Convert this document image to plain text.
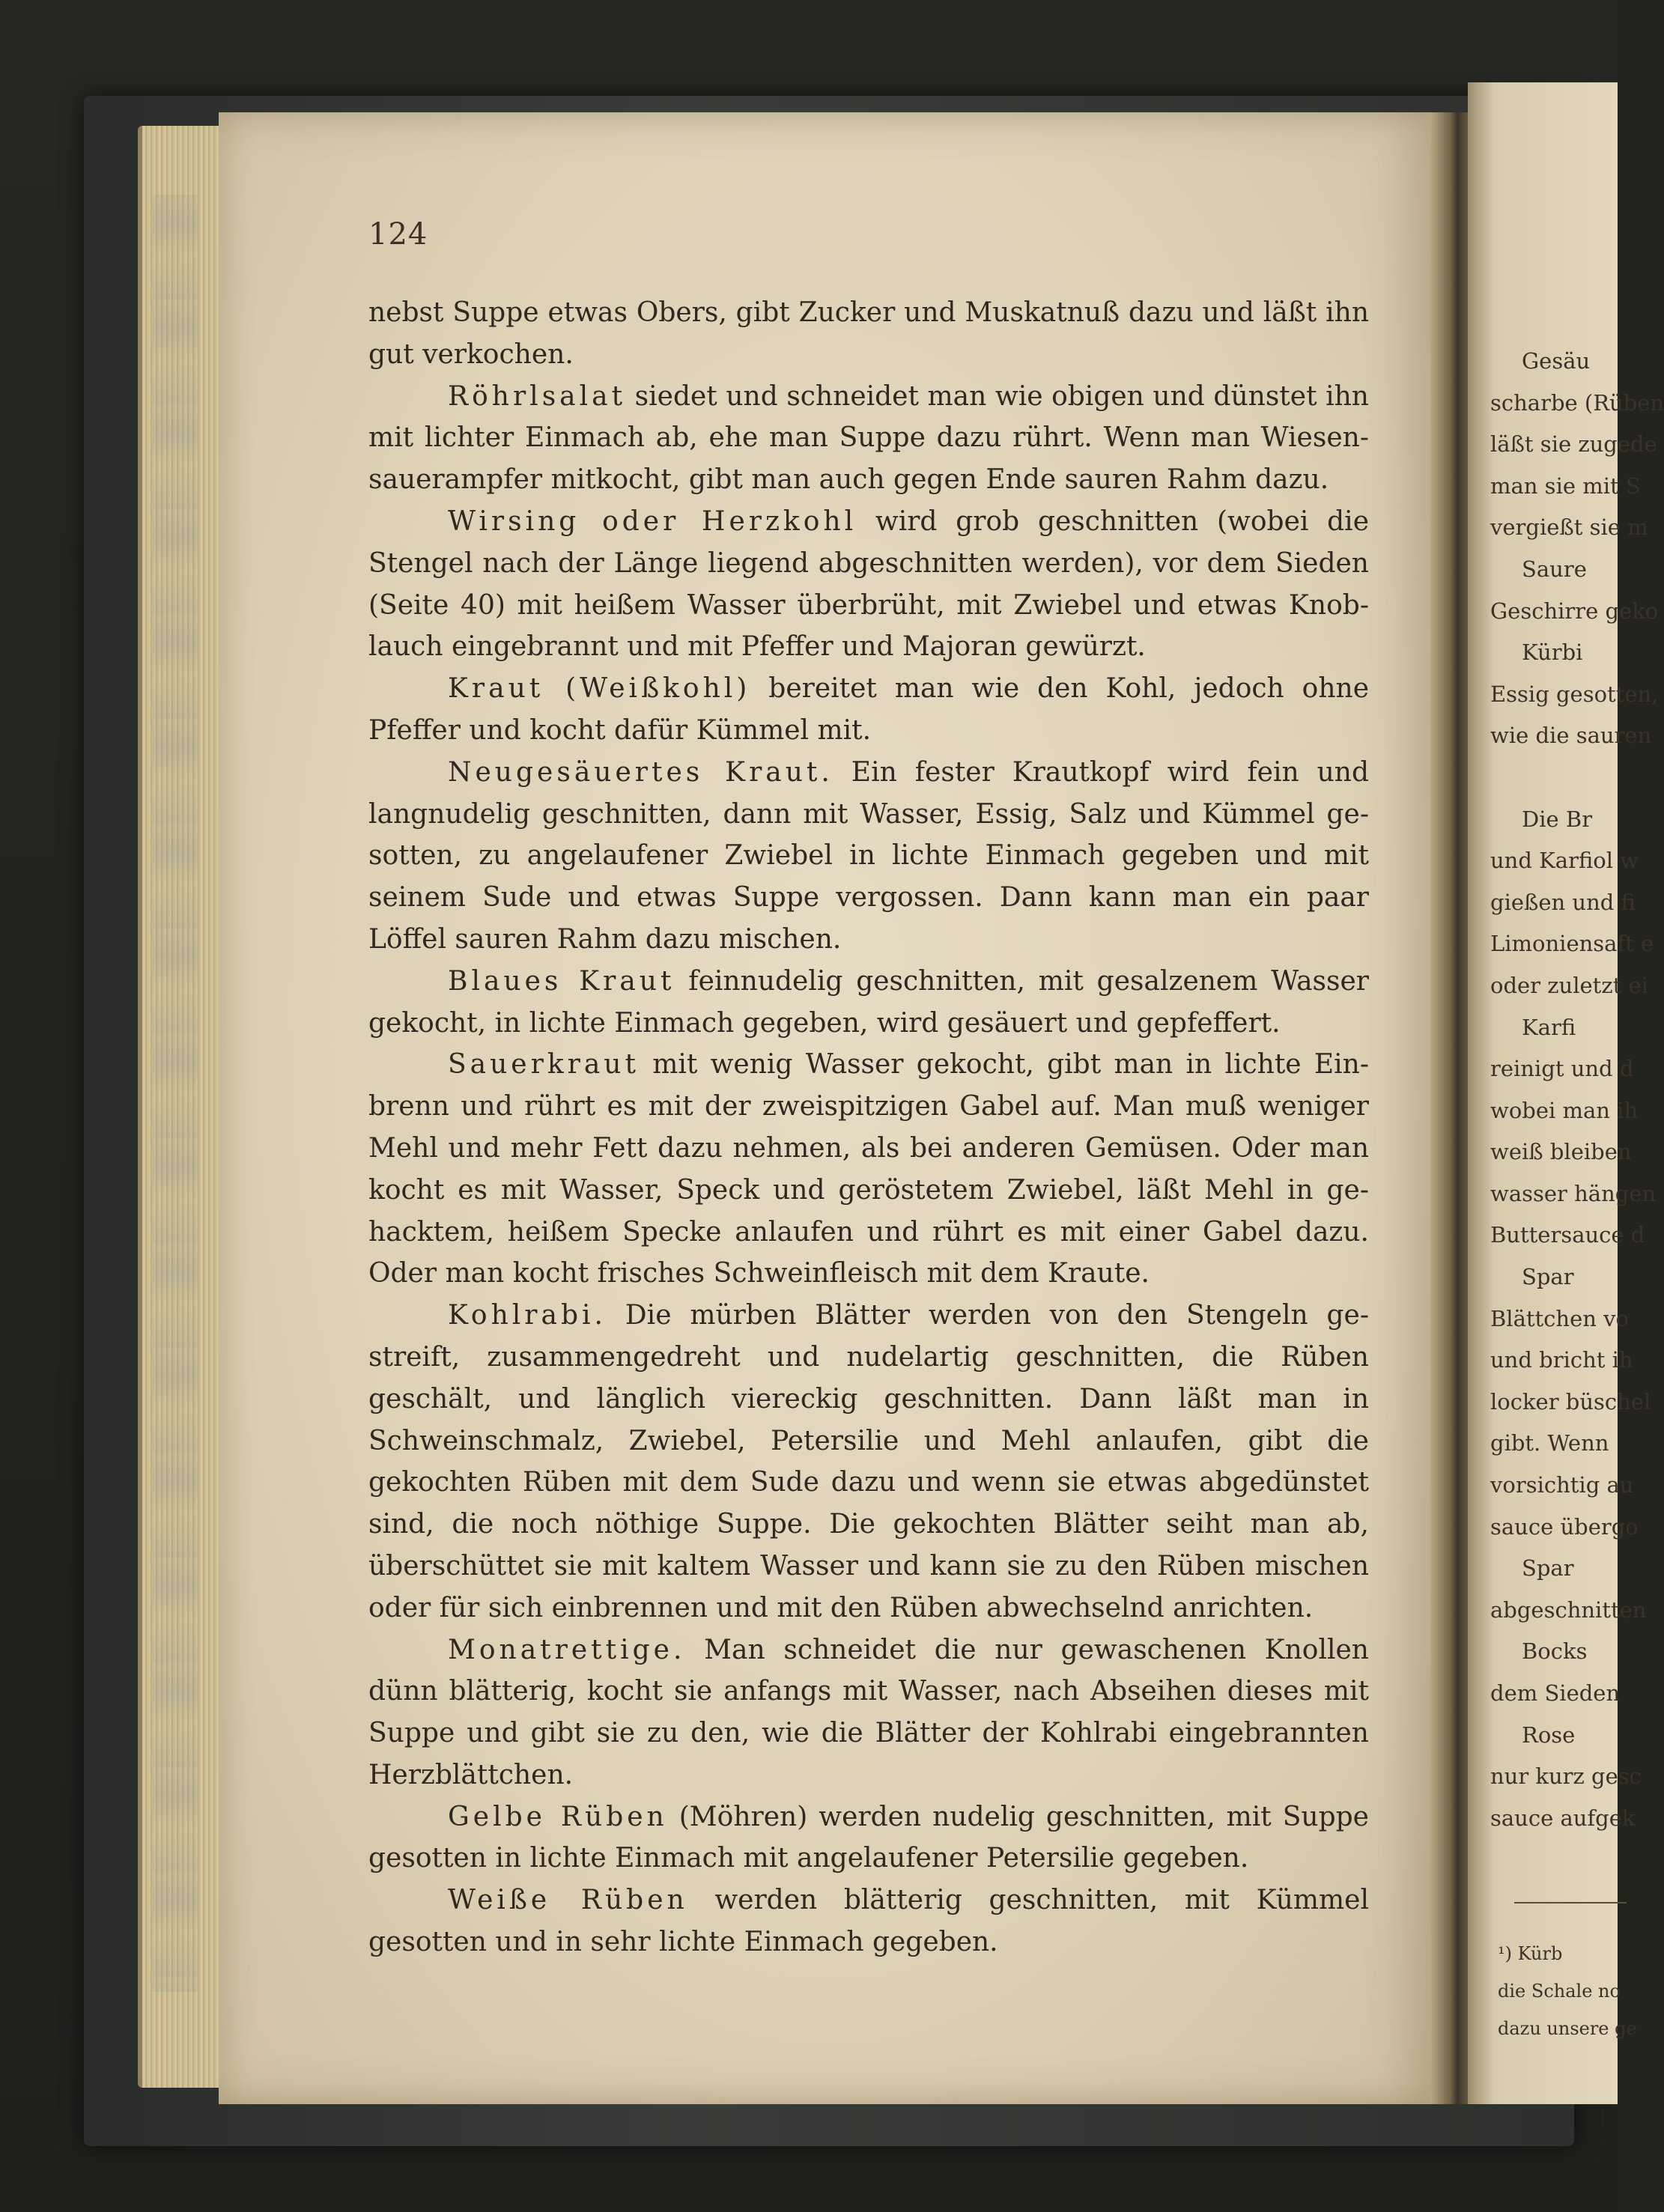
124

nebst Suppe etwas Obers, gibt Zucker und Muskatnuß dazu und läßt ihn gut verkochen.

Röhrlsalat siedet und schneidet man wie obigen und dünstet ihn mit lichter Einmach ab, ehe man Suppe dazu rührt. Wenn man Wiesen-sauerampfer mitkocht, gibt man auch gegen Ende sauren Rahm dazu.

Wirsing oder Herzkohl wird grob geschnitten (wobei die Stengel nach der Länge liegend abgeschnitten werden), vor dem Sieden (Seite 40) mit heißem Wasser überbrüht, mit Zwiebel und etwas Knob-lauch eingebrannt und mit Pfeffer und Majoran gewürzt.

Kraut (Weißkohl) bereitet man wie den Kohl, jedoch ohne Pfeffer und kocht dafür Kümmel mit.

Neugesäuertes Kraut. Ein fester Krautkopf wird fein und langnudelig geschnitten, dann mit Wasser, Essig, Salz und Kümmel ge-sotten, zu angelaufener Zwiebel in lichte Einmach gegeben und mit seinem Sude und etwas Suppe vergossen. Dann kann man ein paar Löffel sauren Rahm dazu mischen.

Blaues Kraut feinnudelig geschnitten, mit gesalzenem Wasser gekocht, in lichte Einmach gegeben, wird gesäuert und gepfeffert.

Sauerkraut mit wenig Wasser gekocht, gibt man in lichte Ein-brenn und rührt es mit der zweispitzigen Gabel auf. Man muß weniger Mehl und mehr Fett dazu nehmen, als bei anderen Gemüsen. Oder man kocht es mit Wasser, Speck und geröstetem Zwiebel, läßt Mehl in ge-hacktem, heißem Specke anlaufen und rührt es mit einer Gabel dazu. Oder man kocht frisches Schweinfleisch mit dem Kraute.

Kohlrabi. Die mürben Blätter werden von den Stengeln ge-streift, zusammengedreht und nudelartig geschnitten, die Rüben geschält, und länglich viereckig geschnitten. Dann läßt man in Schweinschmalz, Zwiebel, Petersilie und Mehl anlaufen, gibt die gekochten Rüben mit dem Sude dazu und wenn sie etwas abgedünstet sind, die noch nöthige Suppe. Die gekochten Blätter seiht man ab, überschüttet sie mit kaltem Wasser und kann sie zu den Rüben mischen oder für sich einbrennen und mit den Rüben abwechselnd anrichten.

Monatrettige. Man schneidet die nur gewaschenen Knollen dünn blätterig, kocht sie anfangs mit Wasser, nach Abseihen dieses mit Suppe und gibt sie zu den, wie die Blätter der Kohlrabi eingebrannten Herzblättchen.

Gelbe Rüben (Möhren) werden nudelig geschnitten, mit Suppe gesotten in lichte Einmach mit angelaufener Petersilie gegeben.

Weiße Rüben werden blätterig geschnitten, mit Kümmel gesotten und in sehr lichte Einmach gegeben.

Gesäu
scharbe (Rüben
läßt sie zugede
man sie mit S
vergießt sie m
Saure
Geschirre geko
Kürbi
Essig gesotten,
wie die sauren
Die Br
und Karfiol w
gießen und fi
Limoniensaft e
oder zuletzt ei
Karfi
reinigt und d
wobei man ih
weiß bleiben
wasser hängen
Buttersauce d
Spar
Blättchen vo
und bricht ih
locker büschel
gibt. Wenn
vorsichtig au
sauce übergo
Spar
abgeschnitten
Bocks
dem Sieden
Rose
nur kurz gesc
sauce aufgek
¹) Kürb
die Schale no
dazu unsere ge
